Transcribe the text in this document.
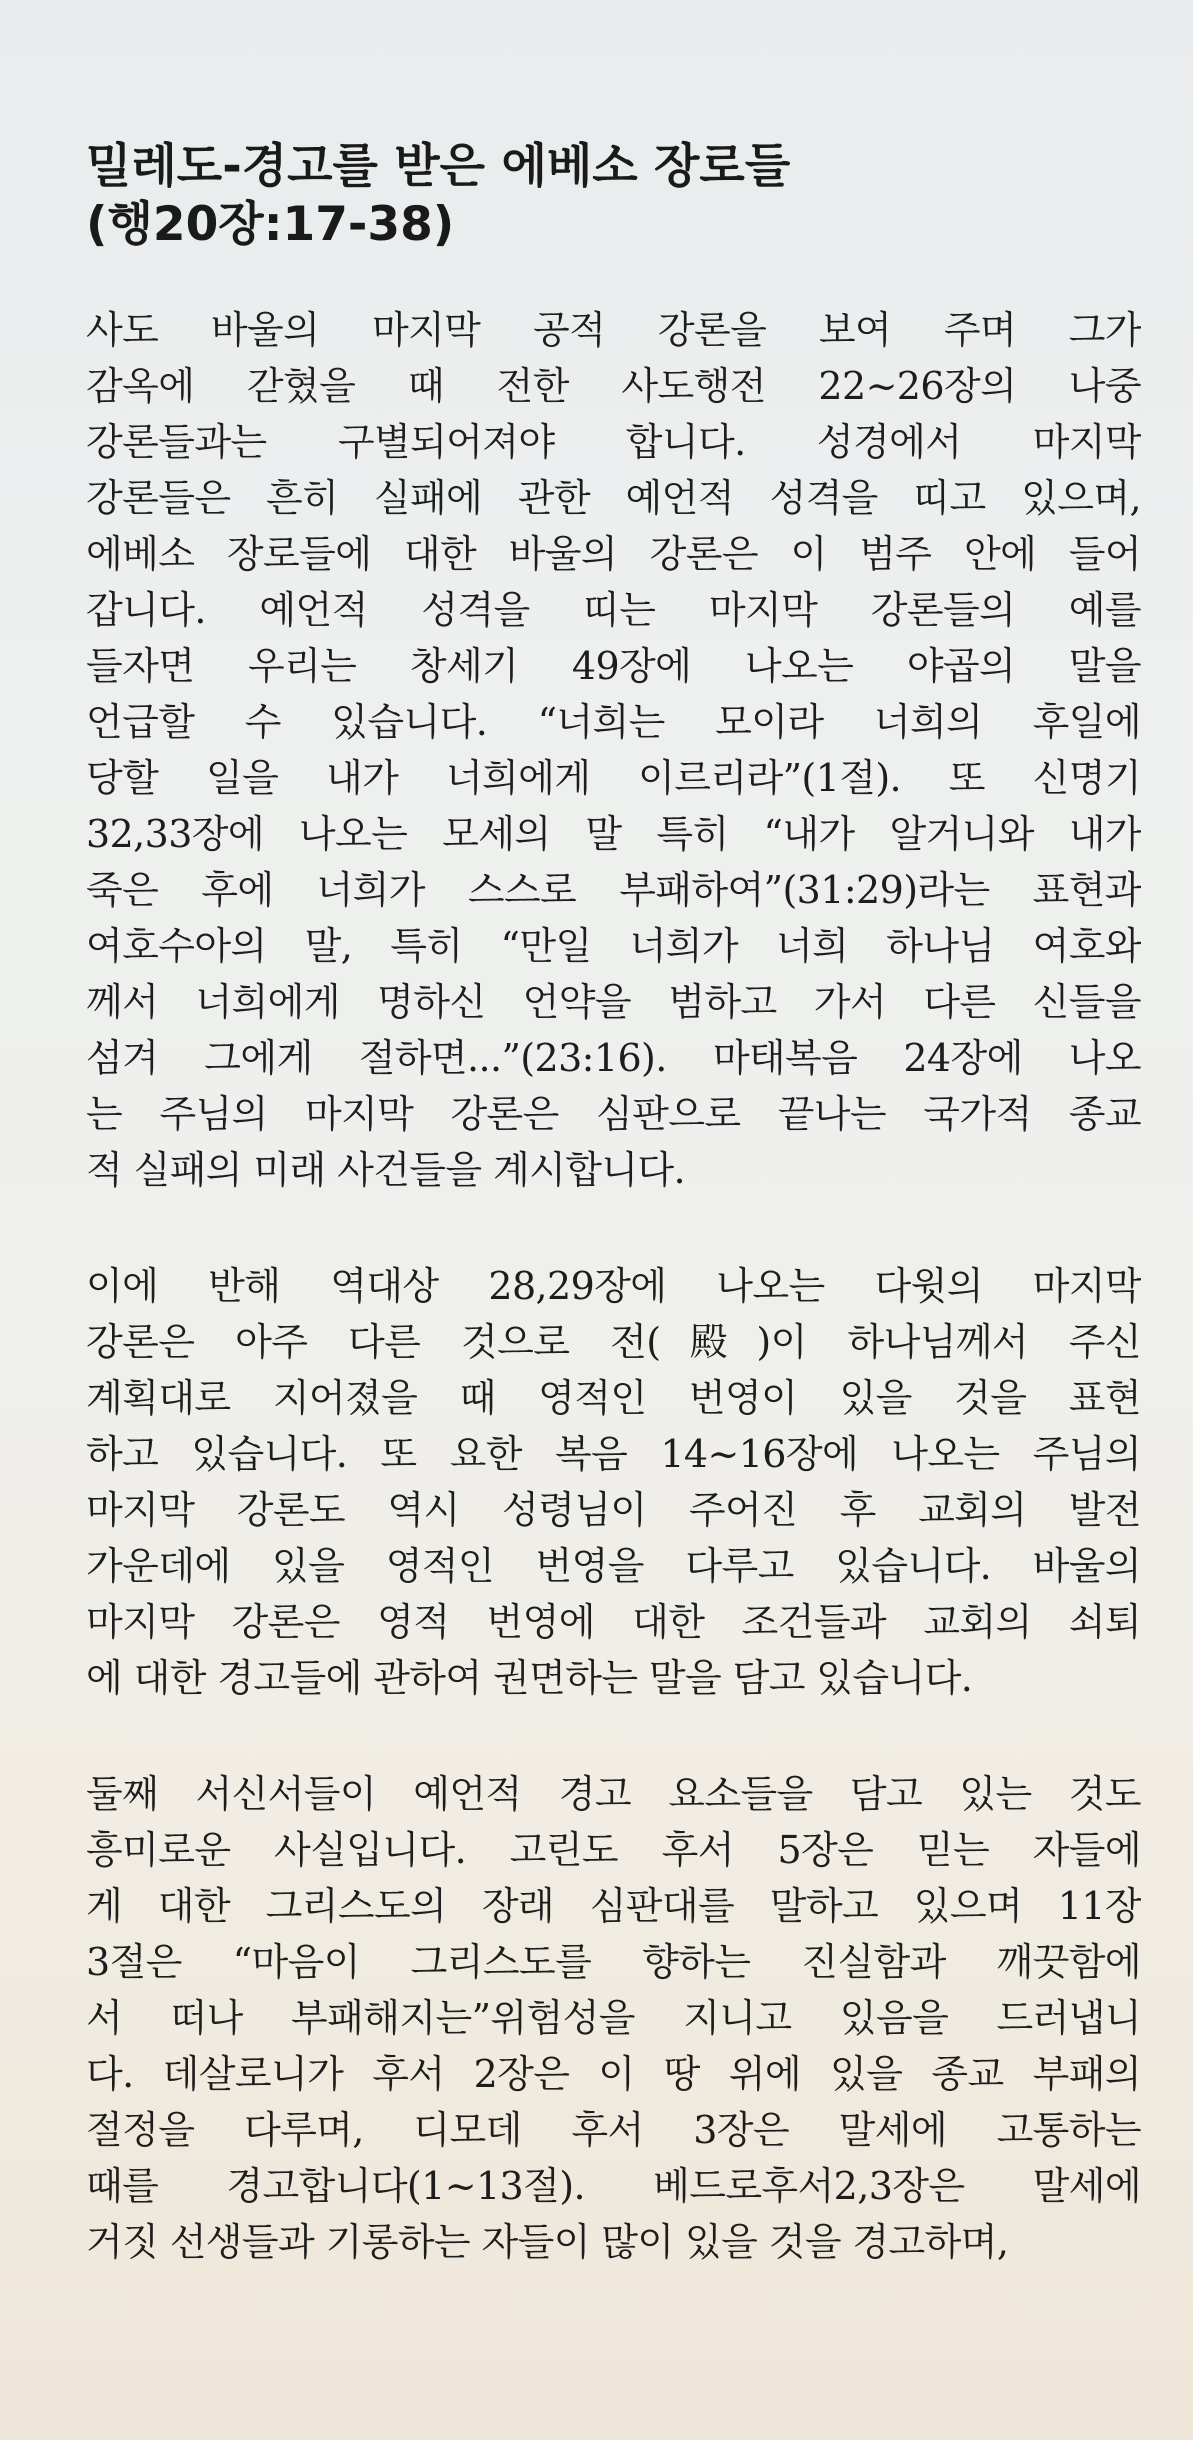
밀레도-경고를 받은 에베소 장로들
(행20장:17-38)
사도 바울의 마지막 공적 강론을 보여 주며 그가
감옥에 갇혔을 때 전한 사도행전 22~26장의 나중
강론들과는 구별되어져야 합니다. 성경에서 마지막
강론들은 흔히 실패에 관한 예언적 성격을 띠고 있으며,
에베소 장로들에 대한 바울의 강론은 이 범주 안에 들어
갑니다. 예언적 성격을 띠는 마지막 강론들의 예를
들자면 우리는 창세기 49장에 나오는 야곱의 말을
언급할 수 있습니다. “너희는 모이라 너희의 후일에
당할 일을 내가 너희에게 이르리라”(1절). 또 신명기
32,33장에 나오는 모세의 말 특히 “내가 알거니와 내가
죽은 후에 너희가 스스로 부패하여”(31:29)라는 표현과
여호수아의 말, 특히 “만일 너희가 너희 하나님 여호와
께서 너희에게 명하신 언약을 범하고 가서 다른 신들을
섬겨 그에게 절하면...”(23:16). 마태복음 24장에 나오
는 주님의 마지막 강론은 심판으로 끝나는 국가적 종교
적 실패의 미래 사건들을 계시합니다.
이에 반해 역대상 28,29장에 나오는 다윗의 마지막
강론은 아주 다른 것으로 전(殿)이 하나님께서 주신
계획대로 지어졌을 때 영적인 번영이 있을 것을 표현
하고 있습니다. 또 요한 복음 14~16장에 나오는 주님의
마지막 강론도 역시 성령님이 주어진 후 교회의 발전
가운데에 있을 영적인 번영을 다루고 있습니다. 바울의
마지막 강론은 영적 번영에 대한 조건들과 교회의 쇠퇴
에 대한 경고들에 관하여 권면하는 말을 담고 있습니다.
둘째 서신서들이 예언적 경고 요소들을 담고 있는 것도
흥미로운 사실입니다. 고린도 후서 5장은 믿는 자들에
게 대한 그리스도의 장래 심판대를 말하고 있으며 11장
3절은 “마음이 그리스도를 향하는 진실함과 깨끗함에
서 떠나 부패해지는”위험성을 지니고 있음을 드러냅니
다. 데살로니가 후서 2장은 이 땅 위에 있을 종교 부패의
절정을 다루며, 디모데 후서 3장은 말세에 고통하는
때를 경고합니다(1~13절). 베드로후서2,3장은 말세에
거짓 선생들과 기롱하는 자들이 많이 있을 것을 경고하며,
